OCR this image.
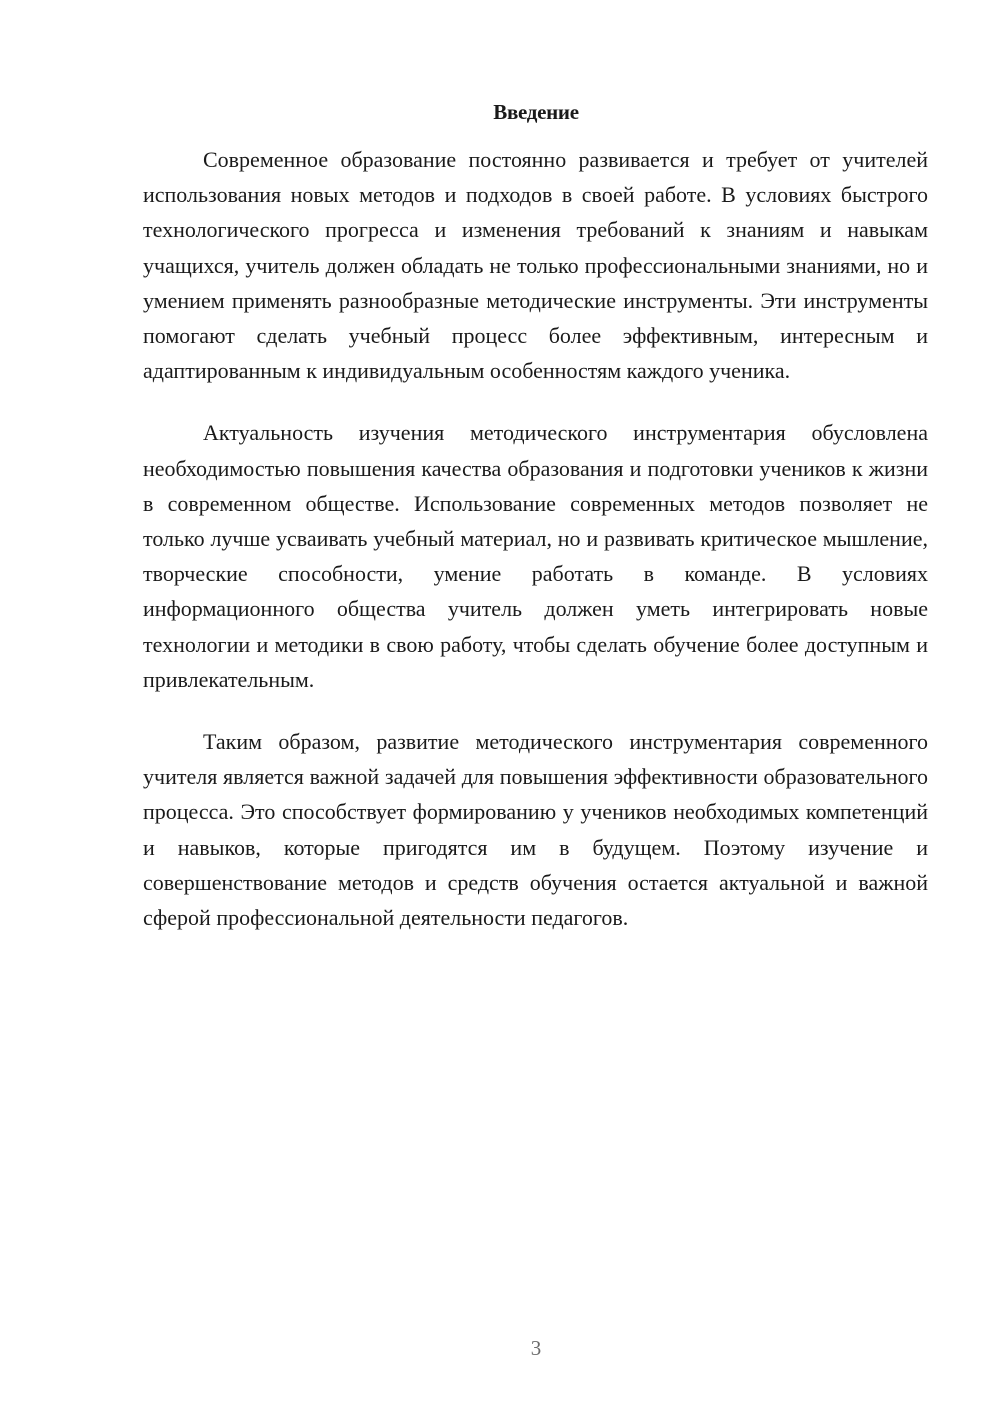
Введение

Современное образование постоянно развивается и требует от учителей использования новых методов и подходов в своей работе. В условиях быстрого технологического прогресса и изменения требований к знаниям и навыкам учащихся, учитель должен обладать не только профессиональными знаниями, но и умением применять разнообразные методические инструменты. Эти инструменты помогают сделать учебный процесс более эффективным, интересным и адаптированным к индивидуальным особенностям каждого ученика.

Актуальность изучения методического инструментария обусловлена необходимостью повышения качества образования и подготовки учеников к жизни в современном обществе. Использование современных методов позволяет не только лучше усваивать учебный материал, но и развивать критическое мышление, творческие способности, умение работать в команде. В условиях информационного общества учитель должен уметь интегрировать новые технологии и методики в свою работу, чтобы сделать обучение более доступным и привлекательным.

Таким образом, развитие методического инструментария современного учителя является важной задачей для повышения эффективности образовательного процесса. Это способствует формированию у учеников необходимых компетенций и навыков, которые пригодятся им в будущем. Поэтому изучение и совершенствование методов и средств обучения остается актуальной и важной сферой профессиональной деятельности педагогов.

3
